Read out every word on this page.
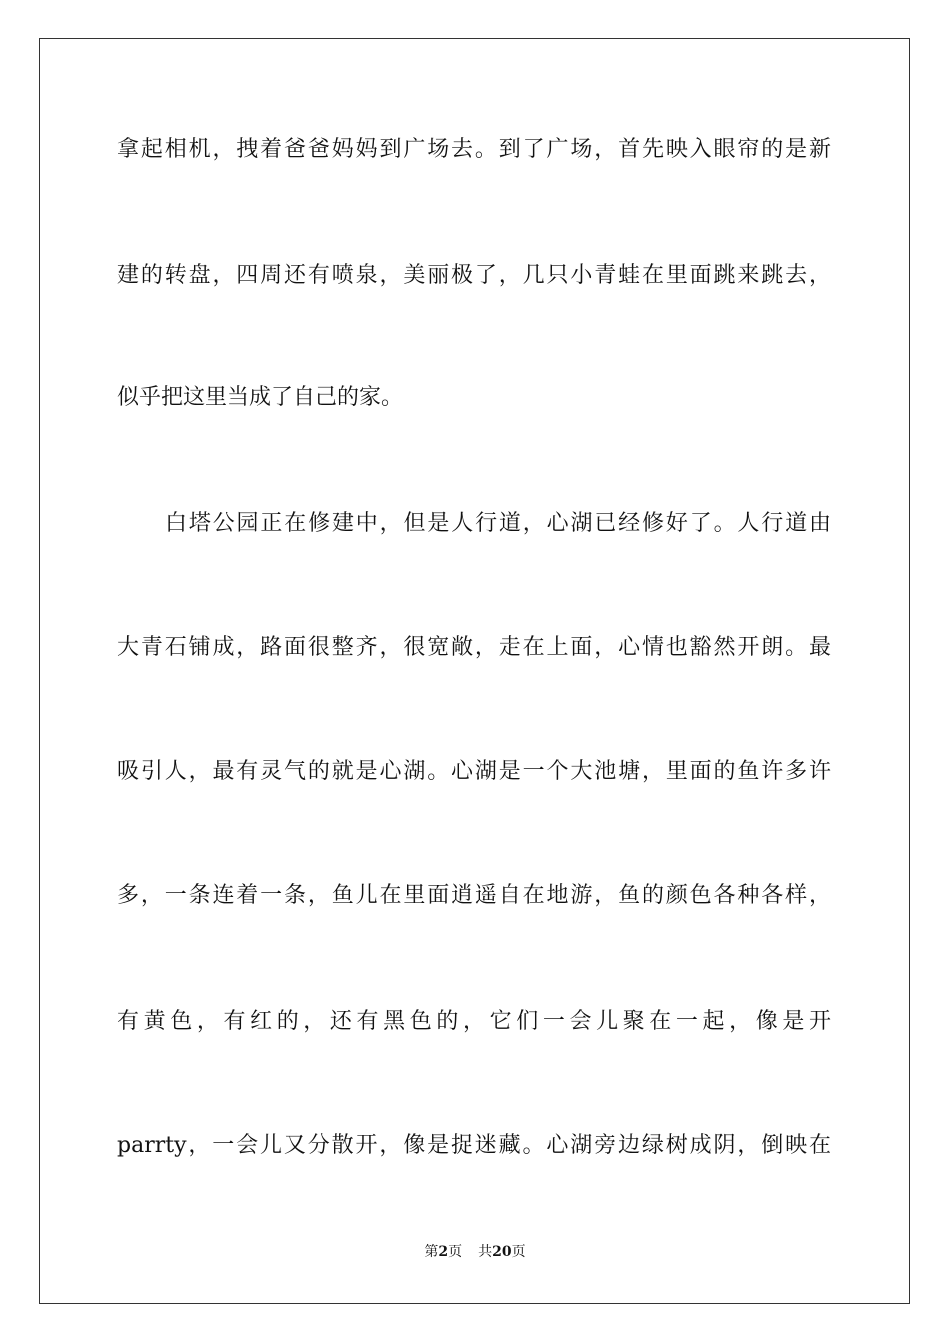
拿起相机，拽着爸爸妈妈到广场去。到了广场，首先映入眼帘的是新

建的转盘，四周还有喷泉，美丽极了，几只小青蛙在里面跳来跳去，

似乎把这里当成了自己的家。

白塔公园正在修建中，但是人行道，心湖已经修好了。人行道由

大青石铺成，路面很整齐，很宽敞，走在上面，心情也豁然开朗。最

吸引人，最有灵气的就是心湖。心湖是一个大池塘，里面的鱼许多许

多，一条连着一条，鱼儿在里面逍遥自在地游，鱼的颜色各种各样，

有黄色，有红的，还有黑色的，它们一会儿聚在一起，像是开

parrty，一会儿又分散开，像是捉迷藏。心湖旁边绿树成阴，倒映在

第2页 共20页
